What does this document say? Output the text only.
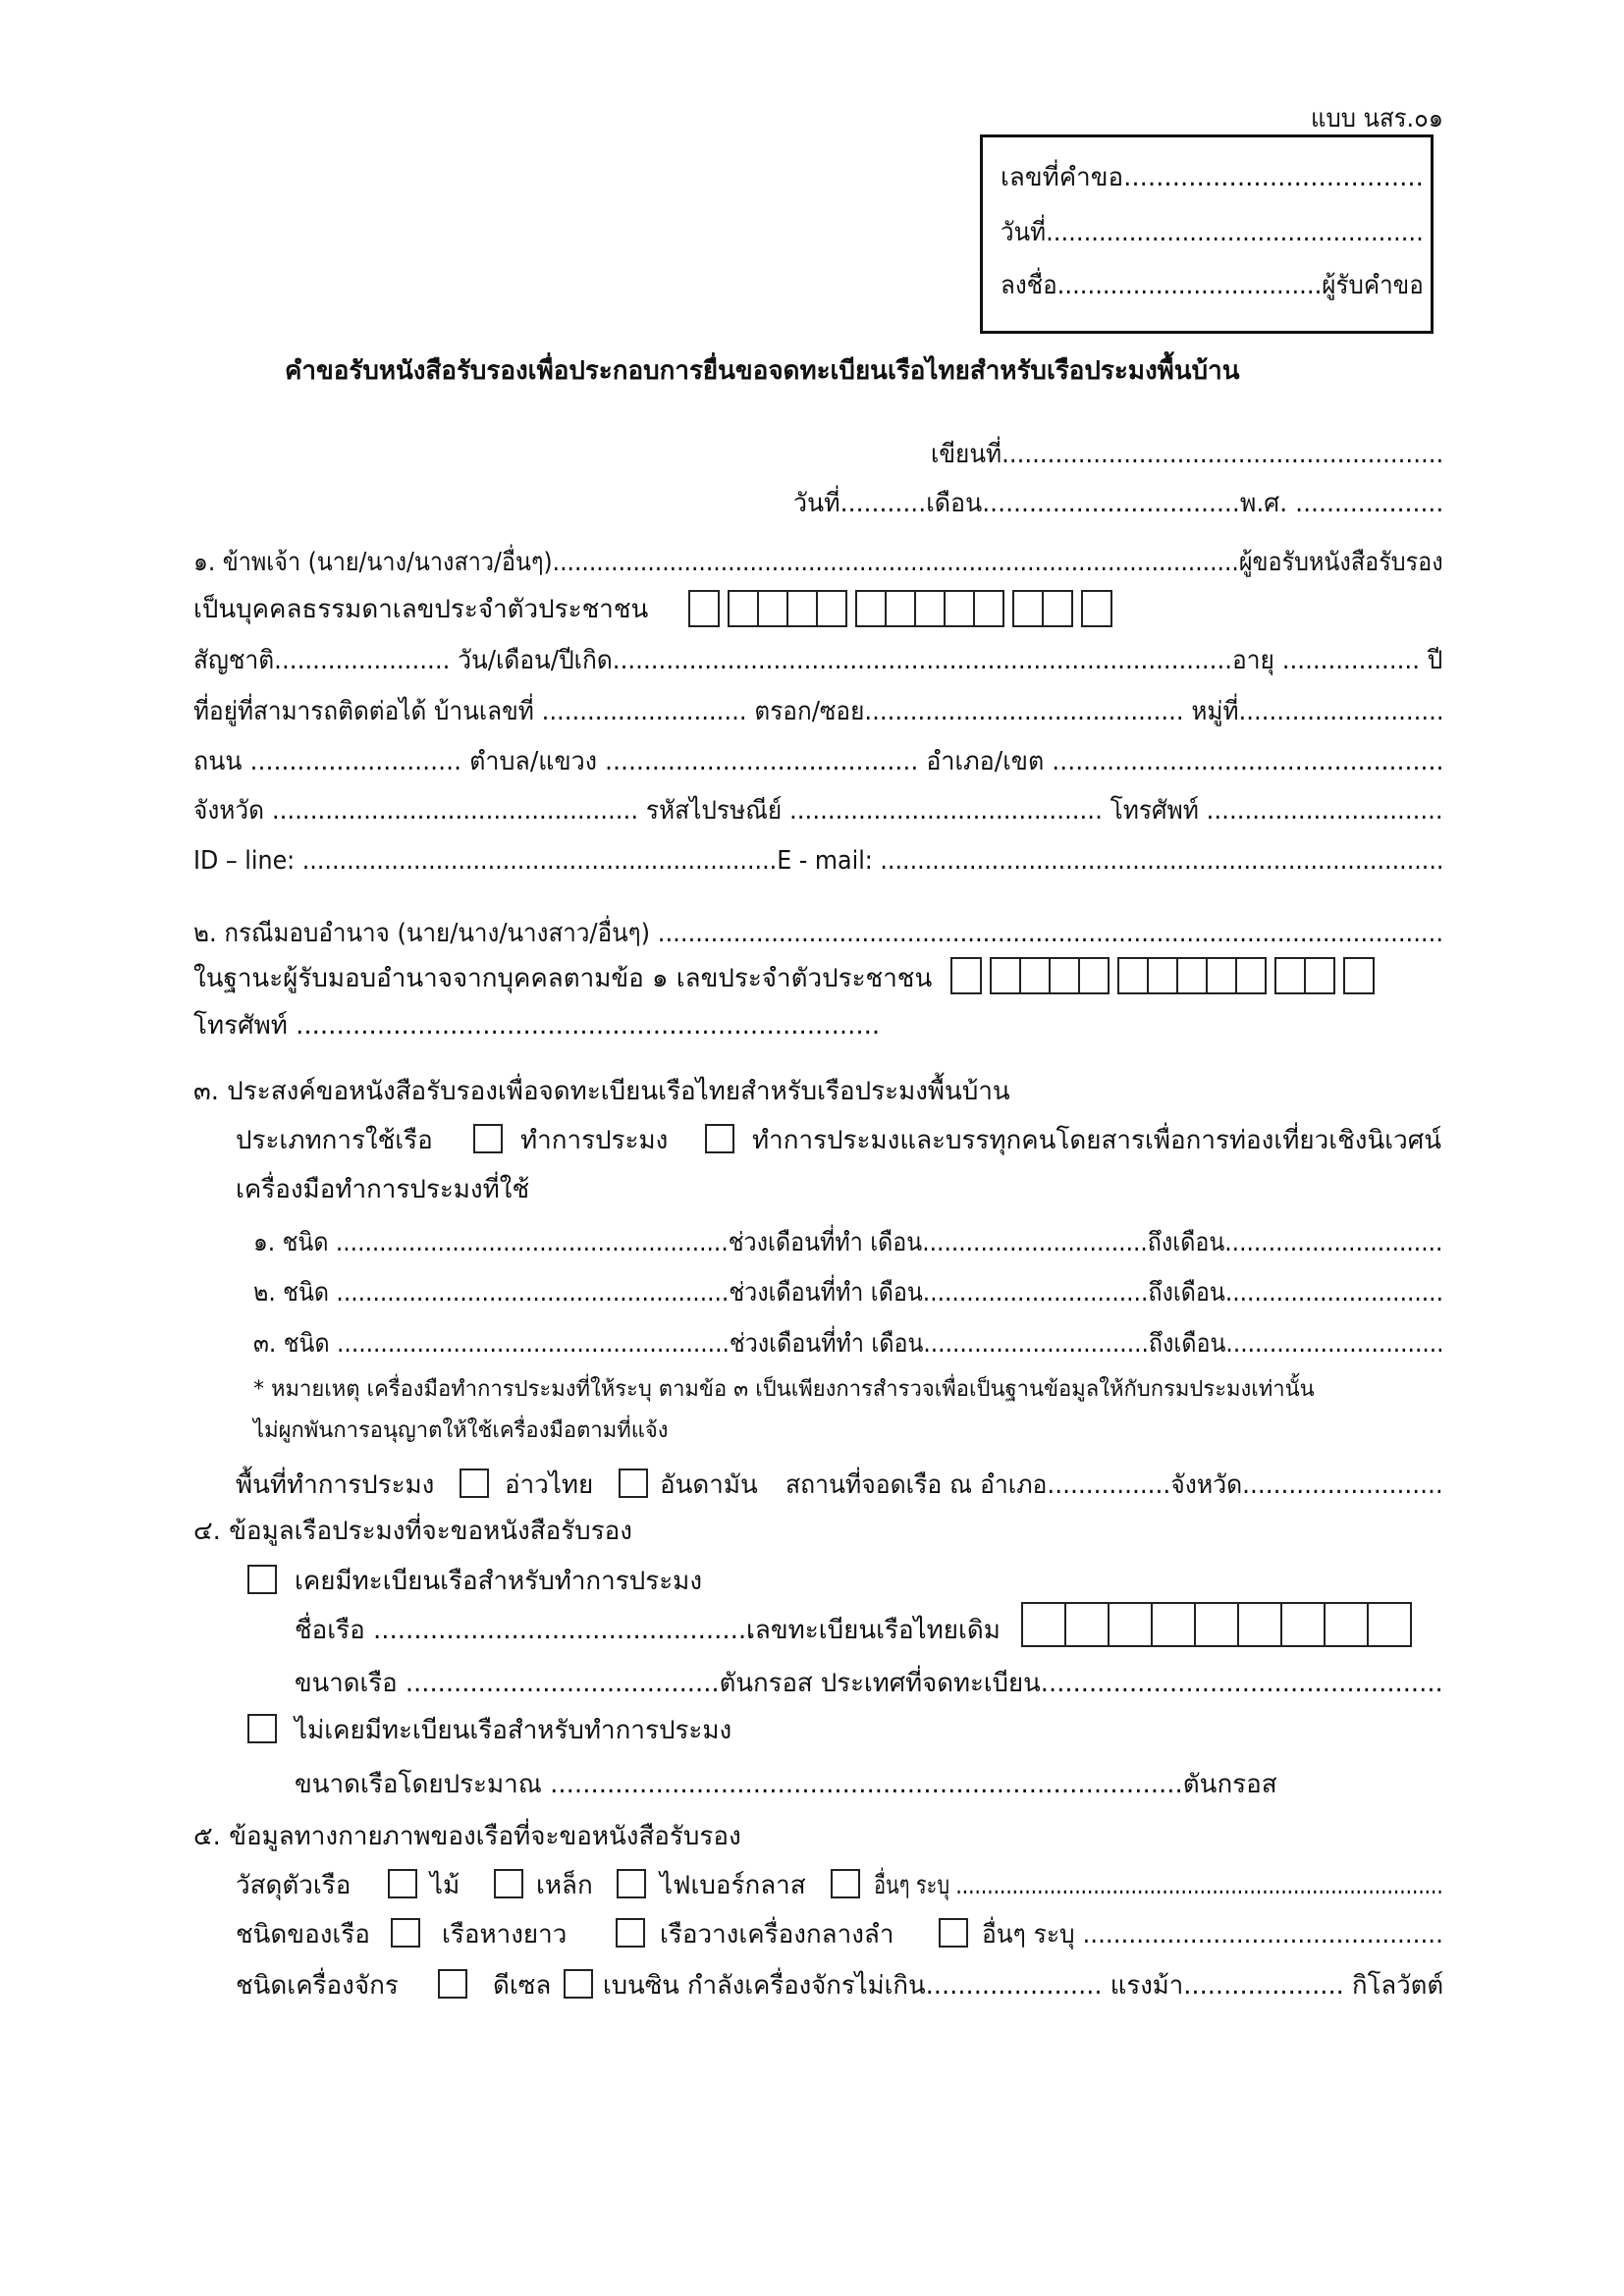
แบบ นสร.๐๑
เลขที่คำขอ.....................................
วันที่..................................................
ลงชื่อ...................................ผู้รับคำขอ
คำขอรับหนังสือรับรองเพื่อประกอบการยื่นขอจดทะเบียนเรือไทยสำหรับเรือประมงพื้นบ้าน
เขียนที่..........................................................
วันที่...........เดือน.................................พ.ศ. ...................
๑. ข้าพเจ้า (นาย/นาง/นางสาว/อื่นๆ)..............................................................................................ผู้ขอรับหนังสือรับรอง
เป็นบุคคลธรรมดาเลขประจำตัวประชาชน
สัญชาติ....................... วัน/เดือน/ปีเกิด.................................................................................อายุ .................. ปี
ที่อยู่ที่สามารถติดต่อได้ บ้านเลขที่ ........................... ตรอก/ซอย.......................................... หมู่ที่...........................
ถนน ........................... ตำบล/แขวง ........................................ อำเภอ/เขต ..................................................
จังหวัด ................................................ รหัสไปรษณีย์ ......................................... โทรศัพท์ ...............................
ID – line: ................................................................E - mail: ............................................................................
๒. กรณีมอบอำนาจ (นาย/นาง/นางสาว/อื่นๆ) ........................................................................................................
ในฐานะผู้รับมอบอำนาจจากบุคคลตามข้อ ๑ เลขประจำตัวประชาชน
โทรศัพท์ ........................................................................
๓. ประสงค์ขอหนังสือรับรองเพื่อจดทะเบียนเรือไทยสำหรับเรือประมงพื้นบ้าน
ประเภทการใช้เรือ	ทำการประมง	ทำการประมงและบรรทุกคนโดยสารเพื่อการท่องเที่ยวเชิงนิเวศน์
เครื่องมือทำการประมงที่ใช้
๑. ชนิด ......................................................ช่วงเดือนที่ทำ เดือน...............................ถึงเดือน..............................
๒. ชนิด ......................................................ช่วงเดือนที่ทำ เดือน...............................ถึงเดือน..............................
๓. ชนิด ......................................................ช่วงเดือนที่ทำ เดือน...............................ถึงเดือน..............................
* หมายเหตุ เครื่องมือทำการประมงที่ให้ระบุ ตามข้อ ๓ เป็นเพียงการสำรวจเพื่อเป็นฐานข้อมูลให้กับกรมประมงเท่านั้น
ไม่ผูกพันการอนุญาตให้ใช้เครื่องมือตามที่แจ้ง
พื้นที่ทำการประมง	อ่าวไทย	อันดามัน สถานที่จอดเรือ ณ อำเภอ................จังหวัด..........................
๔. ข้อมูลเรือประมงที่จะขอหนังสือรับรอง
เคยมีทะเบียนเรือสำหรับทำการประมง
ชื่อเรือ ...............................................
เลขทะเบียนเรือไทยเดิม
ขนาดเรือ .......................................ตันกรอส ประเทศที่จดทะเบียน..................................................
ไม่เคยมีทะเบียนเรือสำหรับทำการประมง
ขนาดเรือโดยประมาณ ..............................................................................ตันกรอส
๕. ข้อมูลทางกายภาพของเรือที่จะขอหนังสือรับรอง
วัสดุตัวเรือ	ไม้	เหล็ก	ไฟเบอร์กลาส	อื่นๆ ระบุ ..............................................................................
ชนิดของเรือ	เรือหางยาว	เรือวางเครื่องกลางลำ	อื่นๆ ระบุ ...............................................
ชนิดเครื่องจักร	ดีเซล เบนซิน กำลังเครื่องจักรไม่เกิน...................... แรงม้า.................... กิโลวัตต์
